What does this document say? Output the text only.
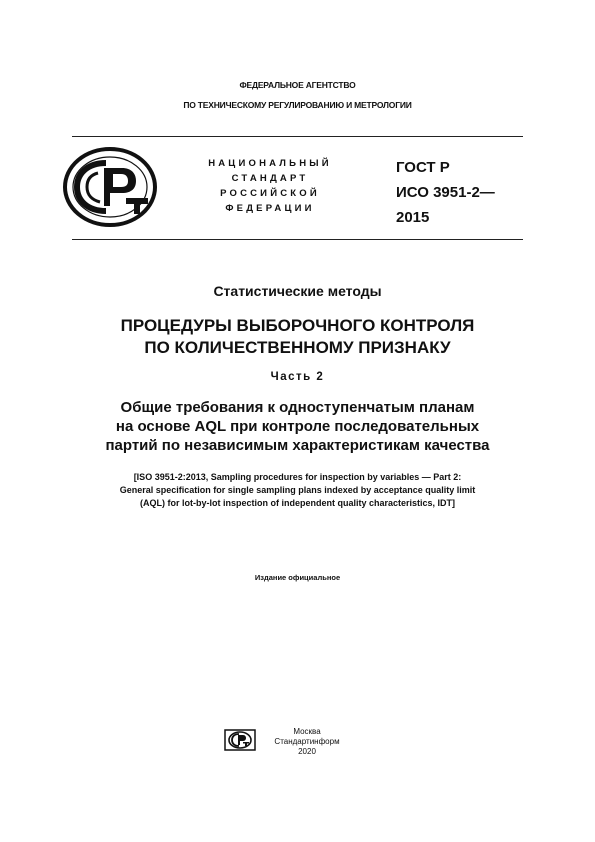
ФЕДЕРАЛЬНОЕ АГЕНТСТВО
ПО ТЕХНИЧЕСКОМУ РЕГУЛИРОВАНИЮ И МЕТРОЛОГИИ
НАЦИОНАЛЬНЫЙ
СТАНДАРТ
РОССИЙСКОЙ
ФЕДЕРАЦИИ
ГОСТ Р
ИСО 3951-2—
2015
Статистические методы
ПРОЦЕДУРЫ ВЫБОРОЧНОГО КОНТРОЛЯ
ПО КОЛИЧЕСТВЕННОМУ ПРИЗНАКУ
Часть 2
Общие требования к одноступенчатым планам
на основе AQL при контроле последовательных
партий по независимым характеристикам качества
[ISO 3951-2:2013, Sampling procedures for inspection by variables — Part 2:
General specification for single sampling plans indexed by acceptance quality limit
(AQL) for lot-by-lot inspection of independent quality characteristics, IDT]
Издание официальное
Москва
Стандартинформ
2020
